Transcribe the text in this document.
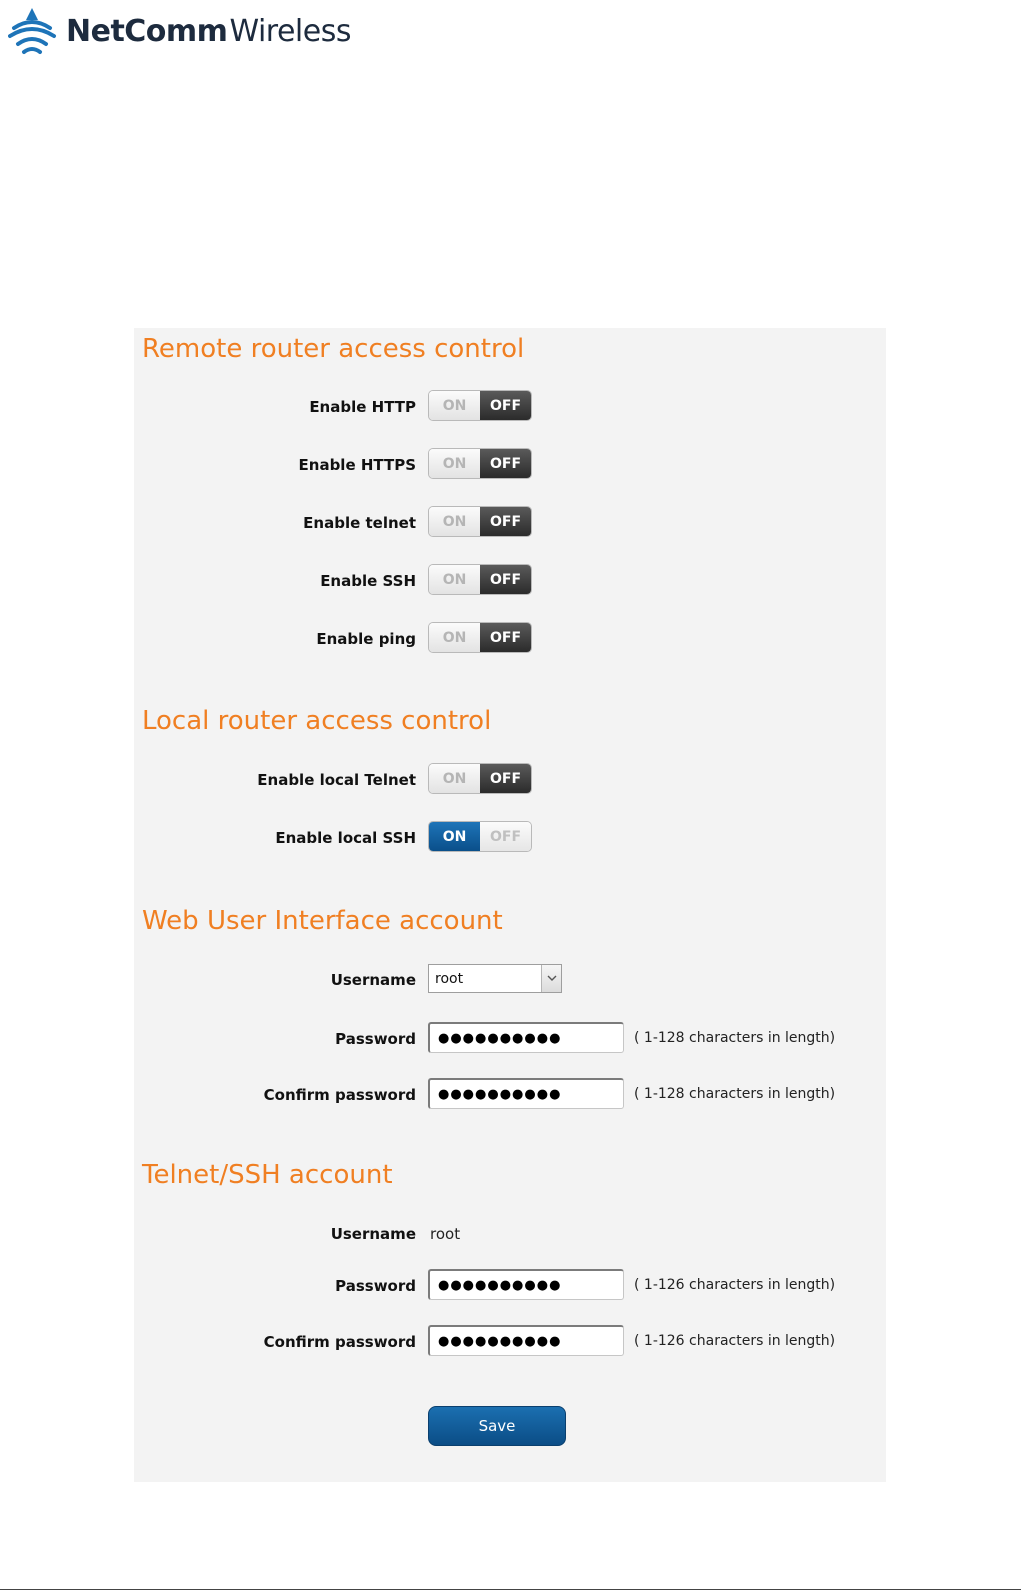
NetComm Wireless
Remote router access control
Enable HTTP	ON	OFF
Enable HTTPS	ON	OFF
Enable telnet	ON	OFF
Enable SSH	ON	OFF
Enable ping	ON	OFF
Local router access control
Enable local Telnet	ON	OFF
Enable local SSH	ON	OFF
Web User Interface account
Username	root
Password ●●●●●●●●●●	( 1-128 characters in length)
Confirm password ●●●●●●●●●●	( 1-128 characters in length)
Telnet/SSH account
Username root
Password ●●●●●●●●●●	( 1-126 characters in length)
Confirm password ●●●●●●●●●●	( 1-126 characters in length)
Save
